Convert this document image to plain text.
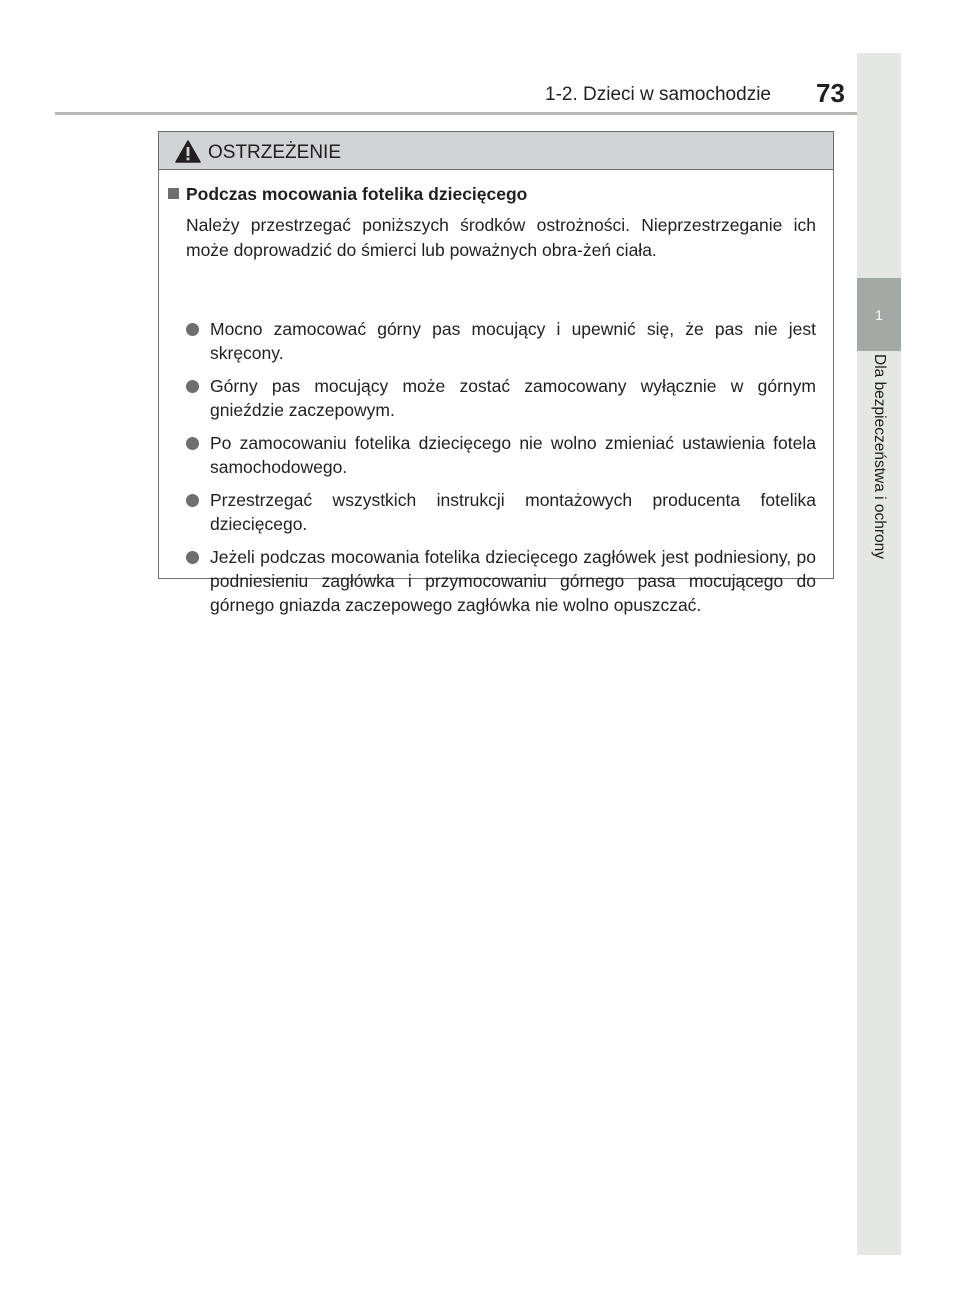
1-2. Dzieci w samochodzie 73
1
Dla bezpieczeństwa i ochrony
OSTRZEŻENIE
Podczas mocowania fotelika dziecięcego
Należy przestrzegać poniższych środków ostrożności. Nieprzestrzeganie ich może doprowadzić do śmierci lub poważnych obra-żeń ciała.
Mocno zamocować górny pas mocujący i upewnić się, że pas nie jest skręcony.
Górny pas mocujący może zostać zamocowany wyłącznie w górnym gnieździe zaczepowym.
Po zamocowaniu fotelika dziecięcego nie wolno zmieniać ustawienia fotela samochodowego.
Przestrzegać wszystkich instrukcji montażowych producenta fotelika dziecięcego.
Jeżeli podczas mocowania fotelika dziecięcego zagłówek jest podniesiony, po podniesieniu zagłówka i przymocowaniu górnego pasa mocującego do górnego gniazda zaczepowego zagłówka nie wolno opuszczać.
